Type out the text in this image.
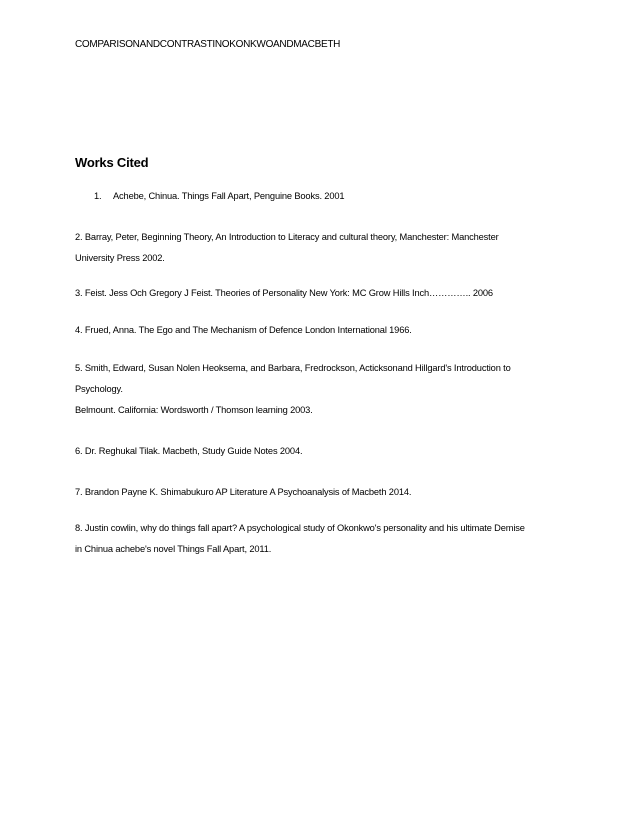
COMPARISONANDCONTRASTINOKONKWOANDMACBETH
Works Cited
1. Achebe, Chinua. Things Fall Apart, Penguine Books. 2001
2. Barray, Peter, Beginning Theory, An Introduction to Literacy and cultural theory, Manchester: Manchester
University Press 2002.
3. Feist. Jess Och Gregory J Feist. Theories of Personality New York: MC Grow Hills Inch………….. 2006
4. Frued, Anna. The Ego and The Mechanism of Defence London International 1966.
5. Smith, Edward, Susan Nolen Heoksema, and Barbara, Fredrockson, Acticksonand Hillgard's Introduction to
Psychology.
Belmount. California: Wordsworth / Thomson learning 2003.
6. Dr. Reghukal Tilak. Macbeth, Study Guide Notes 2004.
7. Brandon Payne K. Shimabukuro AP Literature A Psychoanalysis of Macbeth 2014.
8. Justin cowlin, why do things fall apart? A psychological study of Okonkwo's personality and his ultimate Demise
in Chinua achebe's novel Things Fall Apart, 2011.
